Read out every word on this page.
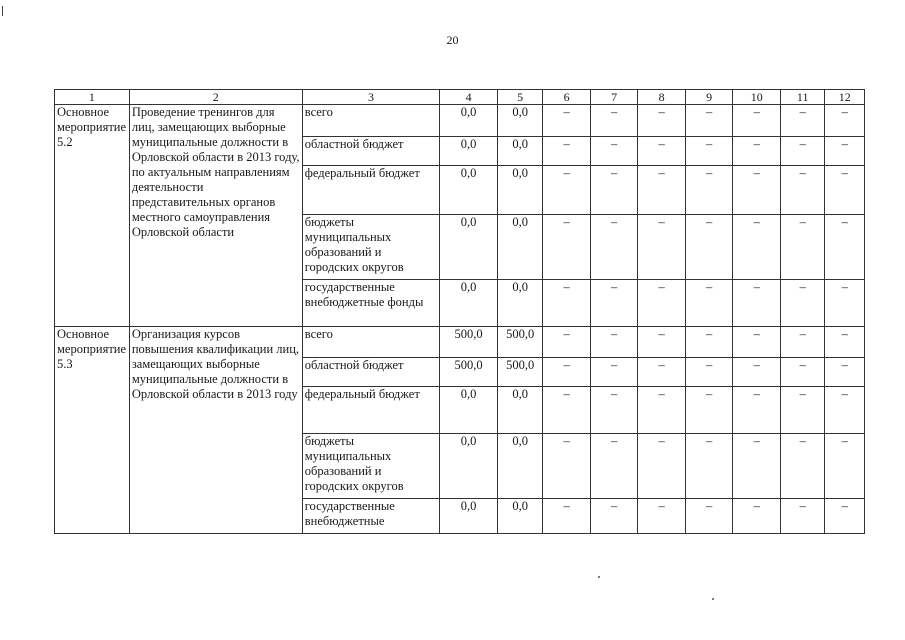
20
1	2	3	4	5	6	7	8	9	10	11	12
Основное мероприятие 5.2	Проведение тренингов для лиц, замещающих выборные муниципальные должности в Орловской области в 2013 году, по актуальным направлениям деятельности представительных органов местного самоуправления Орловской области	всего	0,0	0,0	–	–	–	–	–	–	–
		областной бюджет	0,0	0,0	–	–	–	–	–	–	–
		федеральный бюджет	0,0	0,0	–	–	–	–	–	–	–
		бюджеты муниципальных образований и городских округов	0,0	0,0	–	–	–	–	–	–	–
		государственные внебюджетные фонды	0,0	0,0	–	–	–	–	–	–	–
Основное мероприятие 5.3	Организация курсов повышения квалификации лиц, замещающих выборные муниципальные должности в Орловской области в 2013 году	всего	500,0	500,0	–	–	–	–	–	–	–
		областной бюджет	500,0	500,0	–	–	–	–	–	–	–
		федеральный бюджет	0,0	0,0	–	–	–	–	–	–	–
		бюджеты муниципальных образований и городских округов	0,0	0,0	–	–	–	–	–	–	–
		государственные внебюджетные	0,0	0,0	–	–	–	–	–	–	–
